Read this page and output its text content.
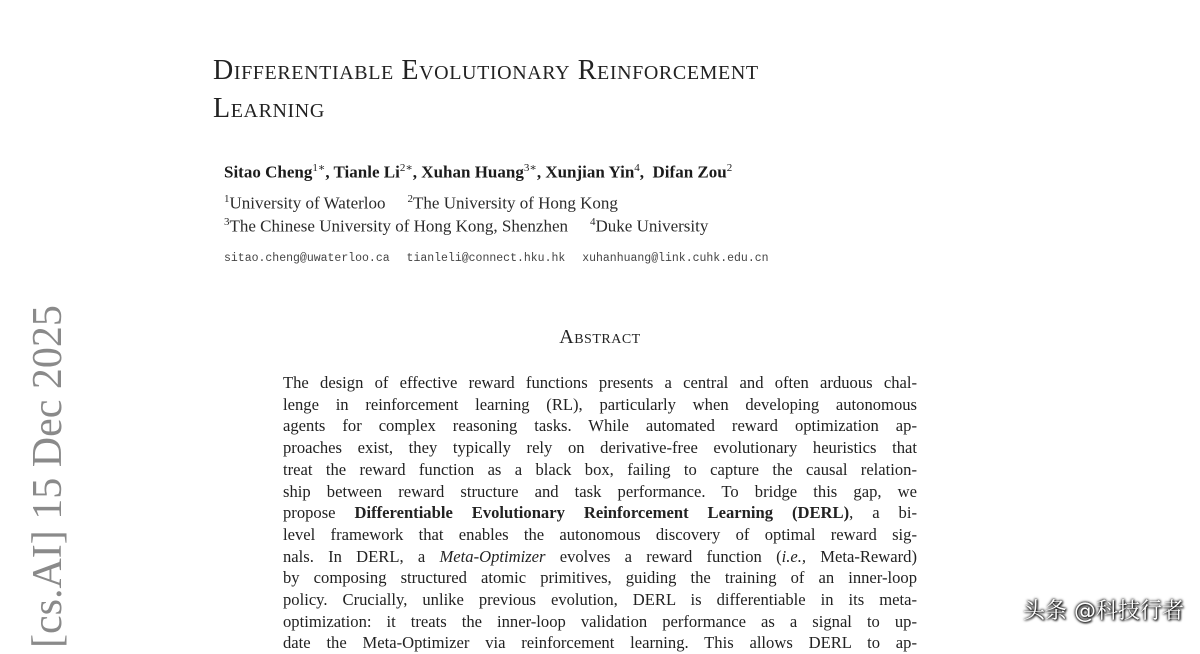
Differentiable Evolutionary Reinforcement
Learning
Sitao Cheng$^{1∗}$, Tianle $Li^{2∗}$, Xuhan Huang$^{3∗}$, Xunjian Yin$^4$,  Difan Zou$^2$
$^1$University of Waterloo $^2$The University of Hong Kong
$^3$The Chinese University of Hong Kong, Shenzhen $^4$Duke University
sitao.cheng@uwaterloo.ca tianleli@connect.hku.hk xuhanhuang@link.cuhk.edu.cn
Abstract

The design of effective reward functions presents a central and often arduous chal-
lenge in reinforcement learning (RL), particularly when developing autonomous
agents for complex reasoning tasks. While automated reward optimization ap-
proaches exist, they typically rely on derivative-free evolutionary heuristics that
treat the reward function as a black box, failing to capture the causal relation-
ship between reward structure and task performance. To bridge this gap, we
propose Differentiable Evolutionary Reinforcement Learning (DERL), a bi-
level framework that enables the autonomous discovery of optimal reward sig-
nals. In DERL, a Meta-Optimizer evolves a reward function (i.e., Meta-Reward)
by composing structured atomic primitives, guiding the training of an inner-loop
policy. Crucially, unlike previous evolution, DERL is differentiable in its meta-
optimization: it treats the inner-loop validation performance as a signal to up-
date the Meta-Optimizer via reinforcement learning. This allows DERL to ap-

[cs.AI] 15 Dec 2025	头条 @科技行者
